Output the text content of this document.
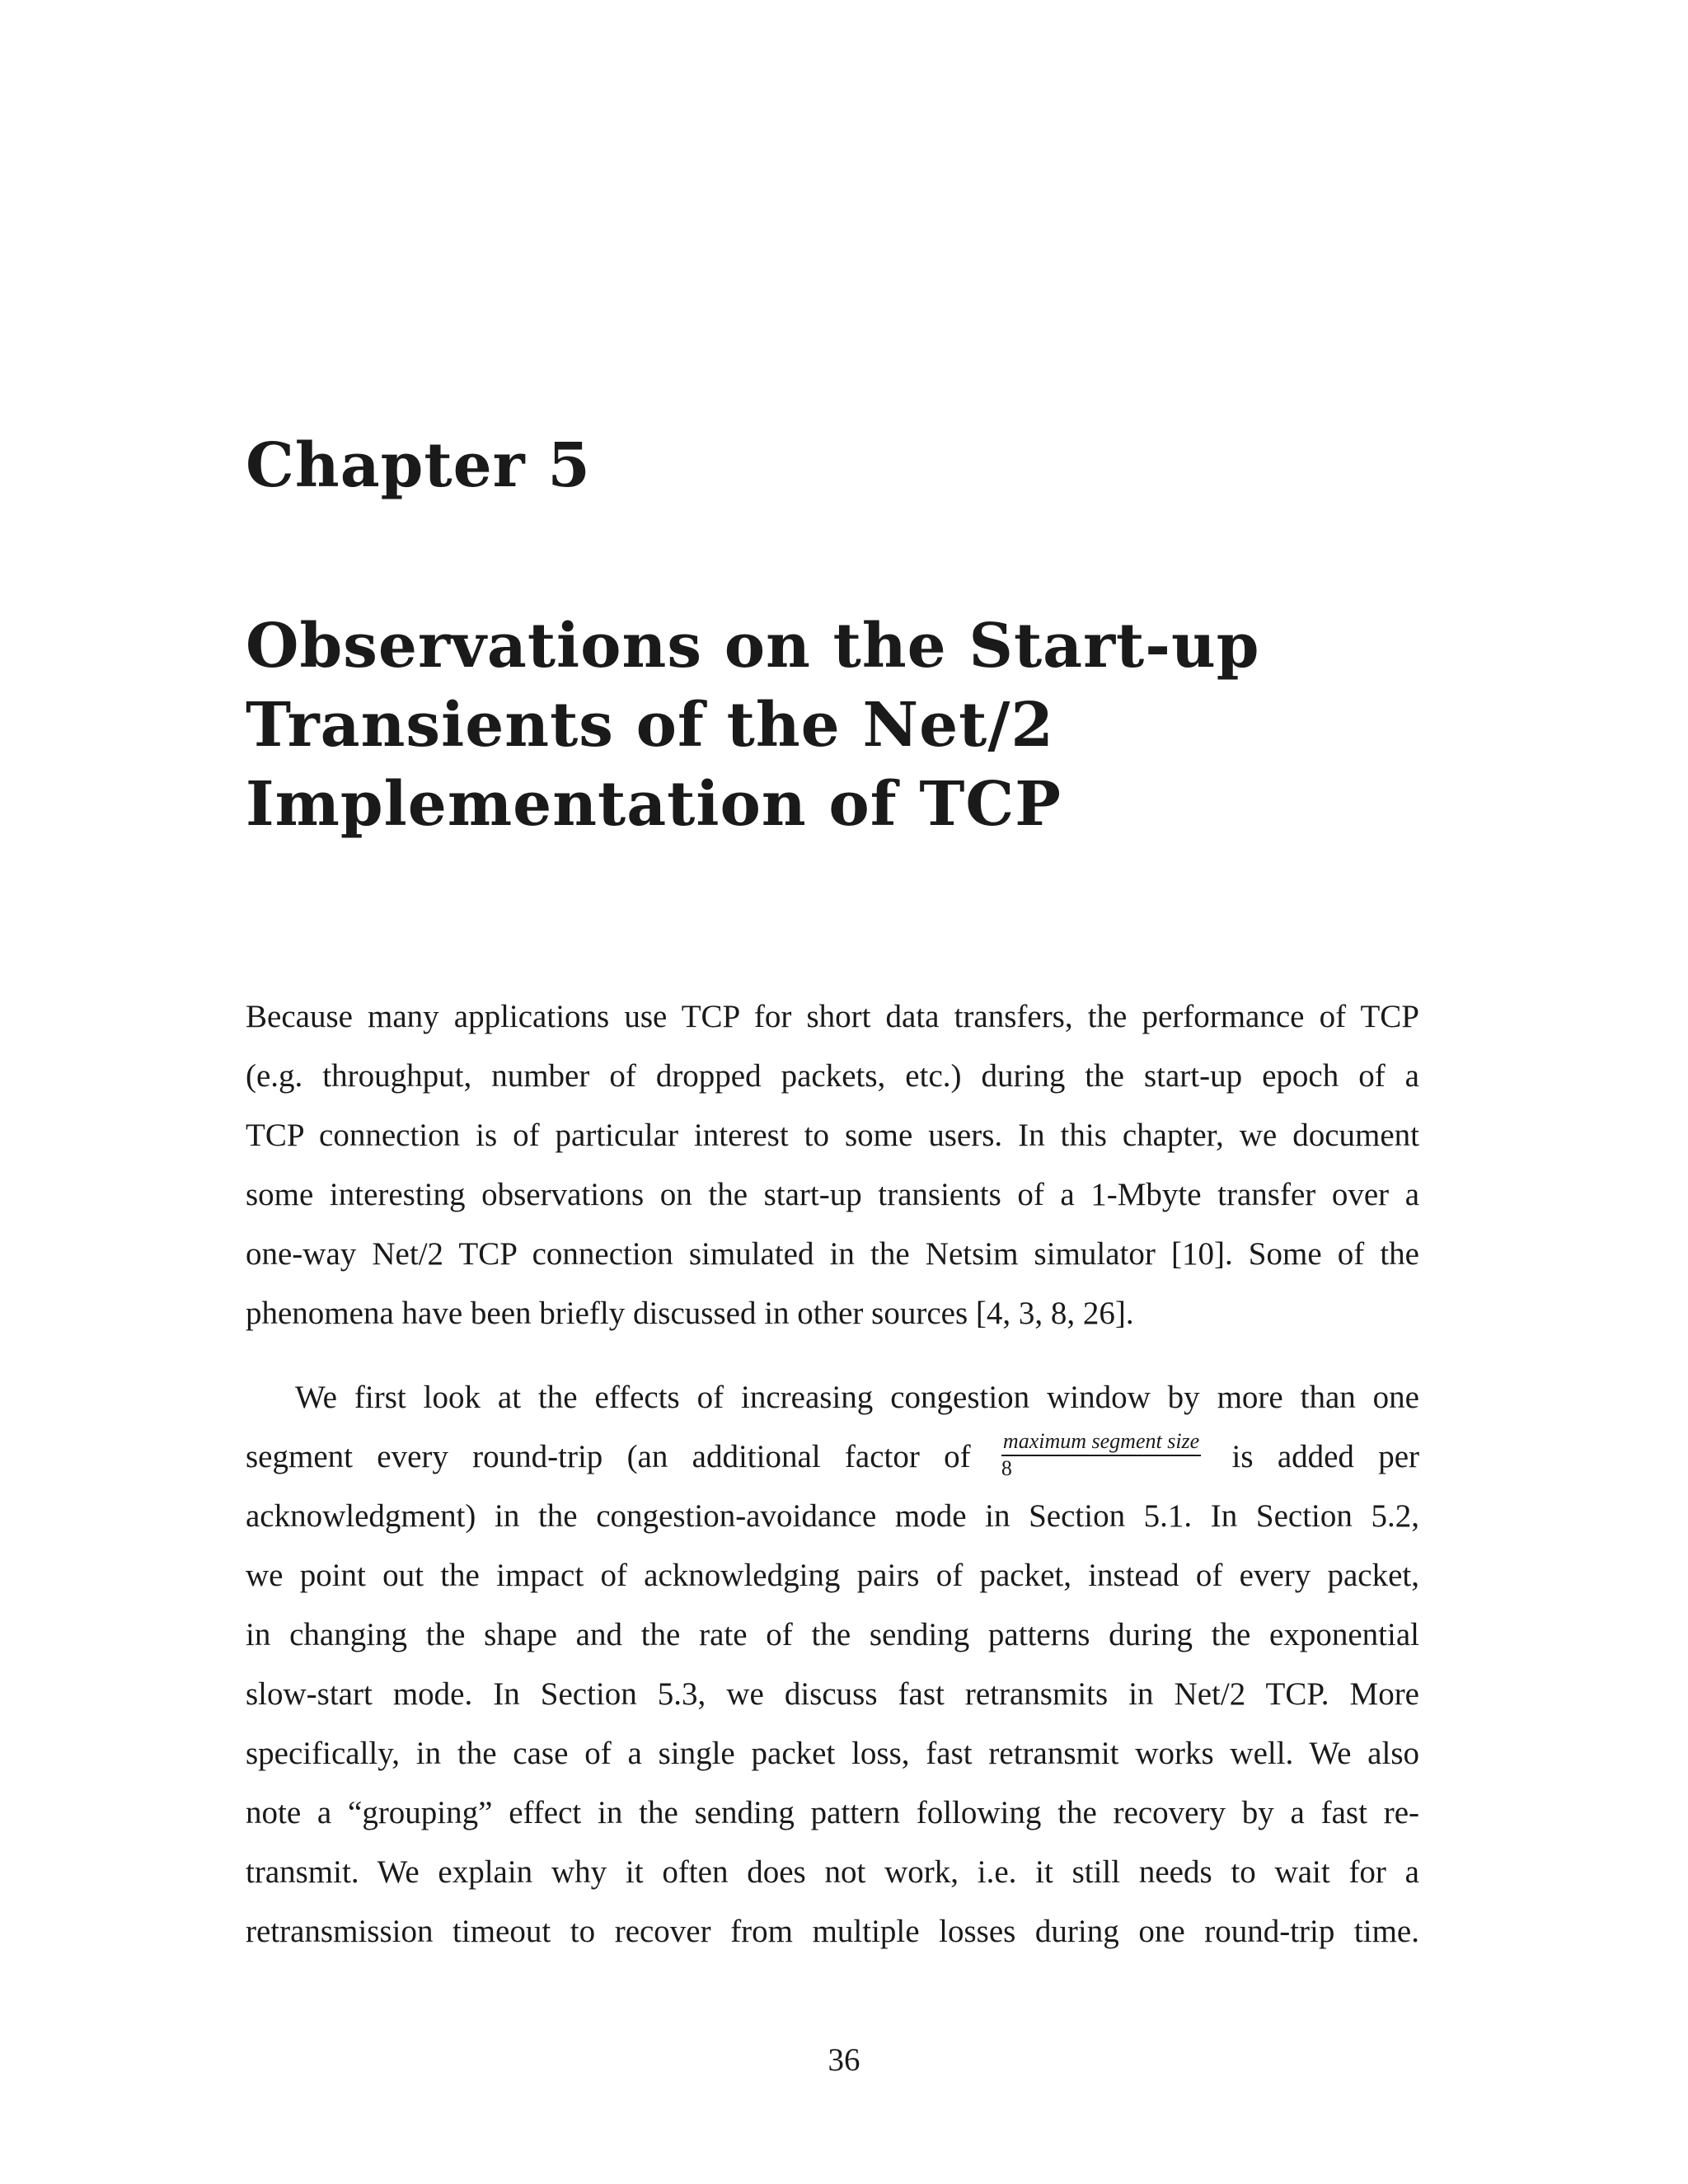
Chapter 5
Observations on the Start-up
Transients of the Net/2
Implementation of TCP
Because many applications use TCP for short data transfers, the performance of TCP
(e.g. throughput, number of dropped packets, etc.) during the start-up epoch of a
TCP connection is of particular interest to some users. In this chapter, we document
some interesting observations on the start-up transients of a 1-Mbyte transfer over a
one-way Net/2 TCP connection simulated in the Netsim simulator [10]. Some of the
phenomena have been briefly discussed in other sources [4, 3, 8, 26].
We first look at the effects of increasing congestion window by more than one
segment every round-trip (an additional factor of $\frac{\text{maximum segment size}}{8}$ is added per
acknowledgment) in the congestion-avoidance mode in Section 5.1. In Section 5.2,
we point out the impact of acknowledging pairs of packet, instead of every packet,
in changing the shape and the rate of the sending patterns during the exponential
slow-start mode. In Section 5.3, we discuss fast retransmits in Net/2 TCP. More
specifically, in the case of a single packet loss, fast retransmit works well. We also
note a “grouping” effect in the sending pattern following the recovery by a fast re-
transmit. We explain why it often does not work, i.e. it still needs to wait for a
retransmission timeout to recover from multiple losses during one round-trip time.
36
